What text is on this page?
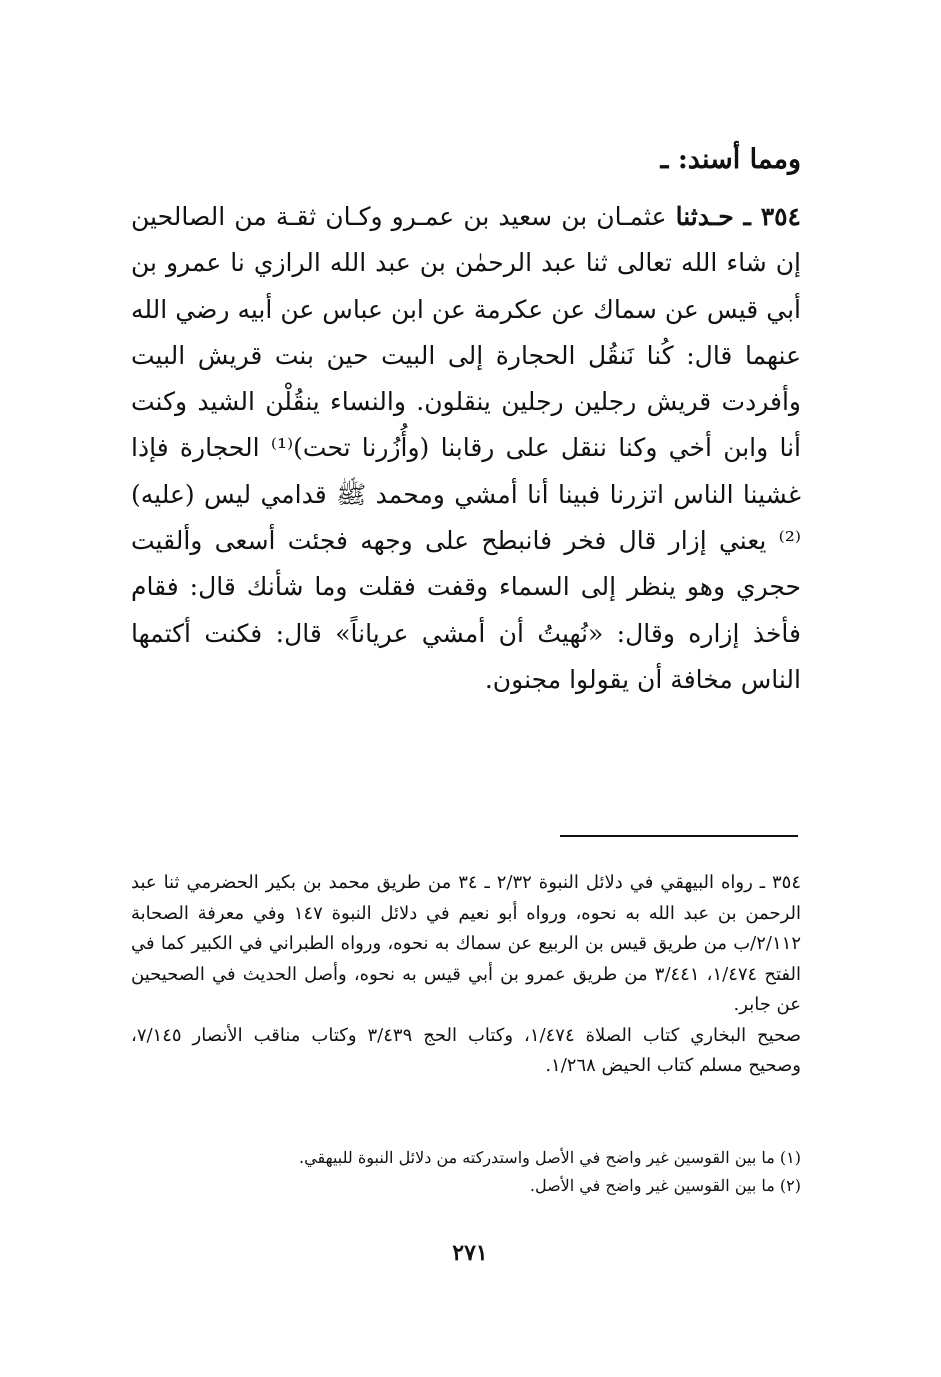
ومما أسند: ـ
٣٥٤ ـ حـدثنا عثمـان بن سعيد بن عمـرو وكـان ثقـة من الصالحين إن شاء الله تعالى ثنا عبد الرحمٰن بن عبد الله الرازي نا عمرو بن أبي قيس عن سماك عن عكرمة عن ابن عباس عن أبيه رضي الله عنهما قال: كُنا نَنقُل الحجارة إلى البيت حين بنت قريش البيت وأفردت قريش رجلين رجلين ينقلون. والنساء ينقُلْن الشيد وكنت أنا وابن أخي وكنا ننقل على رقابنا (وأُزُرنا تحت)⁽¹⁾ الحجارة فإذا غشينا الناس اتزرنا فبينا أنا أمشي ومحمد ﷺ قدامي ليس (عليه)⁽²⁾ يعني إزار قال فخر فانبطح على وجهه فجئت أسعى وألقيت حجري وهو ينظر إلى السماء وقفت فقلت وما شأنك قال: فقام فأخذ إزاره وقال: «نُهيتُ أن أمشي عرياناً» قال: فكنت أكتمها الناس مخافة أن يقولوا مجنون.
٣٥٤ ـ رواه البيهقي في دلائل النبوة ٢/٣٢ ـ ٣٤ من طريق محمد بن بكير الحضرمي ثنا عبد الرحمن بن عبد الله به نحوه، ورواه أبو نعيم في دلائل النبوة ١٤٧ وفي معرفة الصحابة ٢/١١٢/ب من طريق قيس بن الربيع عن سماك به نحوه، ورواه الطبراني في الكبير كما في الفتح ١/٤٧٤، ٣/٤٤١ من طريق عمرو بن أبي قيس به نحوه، وأصل الحديث في الصحيحين عن جابر.
صحيح البخاري كتاب الصلاة ١/٤٧٤، وكتاب الحج ٣/٤٣٩ وكتاب مناقب الأنصار ٧/١٤٥، وصحيح مسلم كتاب الحيض ١/٢٦٨.
(١) ما بين القوسين غير واضح في الأصل واستدركته من دلائل النبوة للبيهقي.
(٢) ما بين القوسين غير واضح في الأصل.
٢٧١
